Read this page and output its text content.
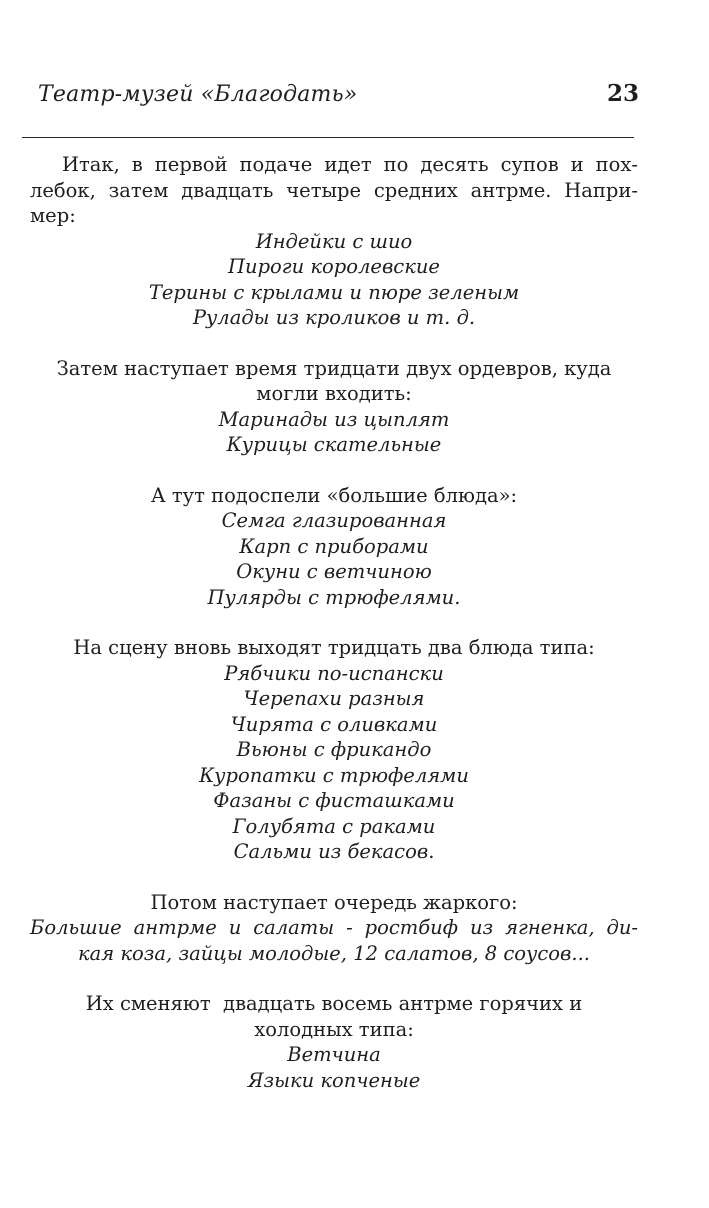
Театр-музей «Благодать»	23

Итак, в первой подаче идет по десять супов и пох-
лебок, затем двадцать четыре средних антрме. Напри-
мер:

Индейки с шио

Пироги королевские

Терины с крылами и пюре зеленым

Рулады из кроликов и т. д.

Затем наступает время тридцати двух ордевров, куда

могли входить:

Маринады из цыплят

Курицы скательные

А тут подоспели «большие блюда»:

Семга глазированная

Карп с приборами

Окуни с ветчиною

Пулярды с трюфелями.

На сцену вновь выходят тридцать два блюда типа:

Рябчики по-испански

Черепахи разныя

Чирята с оливками

Вьюны с фрикандо

Куропатки с трюфелями

Фазаны с фисташками

Голубята с раками

Сальми из бекасов.

Потом наступает очередь жаркого:

Большие антрме и салаты - ростбиф из ягненка, ди-
кая коза, зайцы молодые, 12 салатов, 8 соусов...

Их сменяют  двадцать восемь антрме горячих и

холодных типа:

Ветчина

Языки копченые
